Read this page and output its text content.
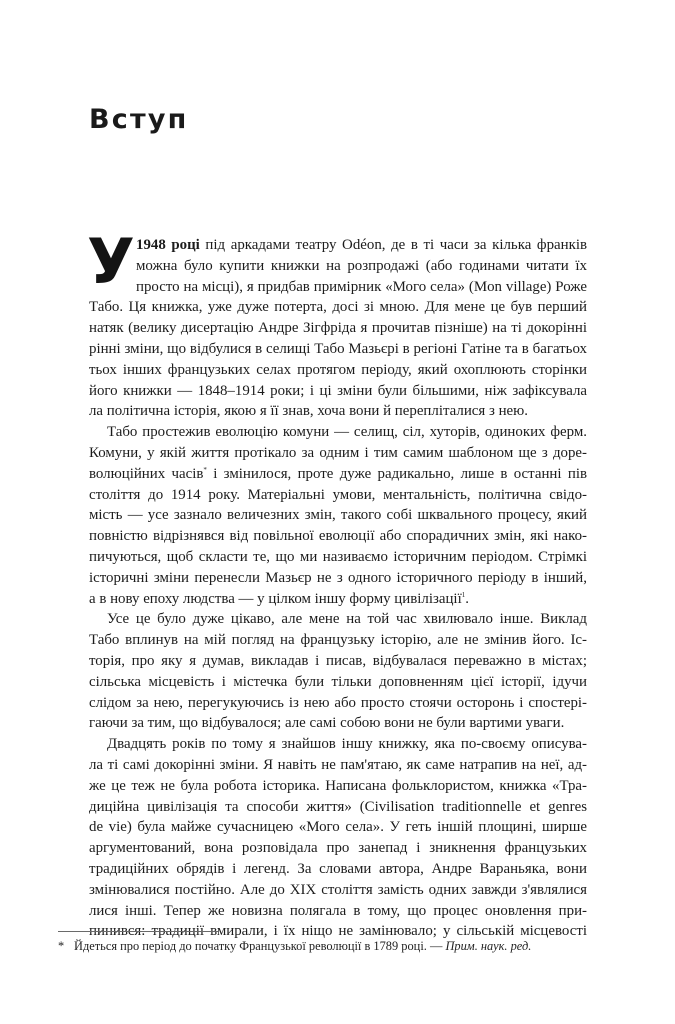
Вступ
У 1948 році під аркадами театру Odéon, де в ті часи за кілька франків
можна було купити книжки на розпродажі (або годинами читати їх
просто на місці), я придбав примірник «Мого села» (Mon village) Роже
Табо. Ця книжка, уже дуже потерта, досі зі мною. Для мене це був перший
натяк (велику дисертацію Андре Зігфріда я прочитав пізніше) на ті докорінні
рінні зміни, що відбулися в селищі Табо Мазьєрі в регіоні Гатіне та в багатьох
тьох інших французьких селах протягом періоду, який охоплюють сторінки
його книжки — 1848–1914 роки; і ці зміни були більшими, ніж зафіксувала
ла політична історія, якою я її знав, хоча вони й перепліталися з нею.
Табо простежив еволюцію комуни — селищ, сіл, хуторів, одиноких ферм.
Комуни, у якій життя протікало за одним і тим самим шаблоном ще з доре-
волюційних часів* і змінилося, проте дуже радикально, лише в останні пів
століття до 1914 року. Матеріальні умови, ментальність, політична свідо-
мість — усе зазнало величезних змін, такого собі шквального процесу, який
повністю відрізнявся від повільної еволюції або спорадичних змін, які нако-
пичуються, щоб скласти те, що ми називаємо історичним періодом. Стрімкі
історичні зміни перенесли Мазьєр не з одного історичного періоду в інший,
а в нову епоху людства — у цілком іншу форму цивілізації$^1$.
Усе це було дуже цікаво, але мене на той час хвилювало інше. Виклад
Табо вплинув на мій погляд на французьку історію, але не змінив його. Іс-
торія, про яку я думав, викладав і писав, відбувалася переважно в містах;
сільська місцевість і містечка були тільки доповненням цієї історії, ідучи
слідом за нею, перегукуючись із нею або просто стоячи осторонь і спостері-
гаючи за тим, що відбувалося; але самі собою вони не були вартими уваги.
Двадцять років по тому я знайшов іншу книжку, яка по-своєму описува-
ла ті самі докорінні зміни. Я навіть не пам'ятаю, як саме натрапив на неї, ад-
же це теж не була робота історика. Написана фольклористом, книжка «Тра-
диційна цивілізація та способи життя» (Civilisation traditionnelle et genres
de vie) була майже сучасницею «Мого села». У геть іншій площині, ширше
аргументований, вона розповідала про занепад і зникнення французьких
традиційних обрядів і легенд. За словами автора, Андре Вараньяка, вони
змінювалися постійно. Але до XIX століття замість одних завжди з'являлися
лися інші. Тепер же новизна полягала в тому, що процес оновлення при-
пинився: традиції вмирали, і їх ніщо не замінювало; у сільській місцевості
* Йдеться про період до початку Французької революції в 1789 році. — Прим. наук. ред.
